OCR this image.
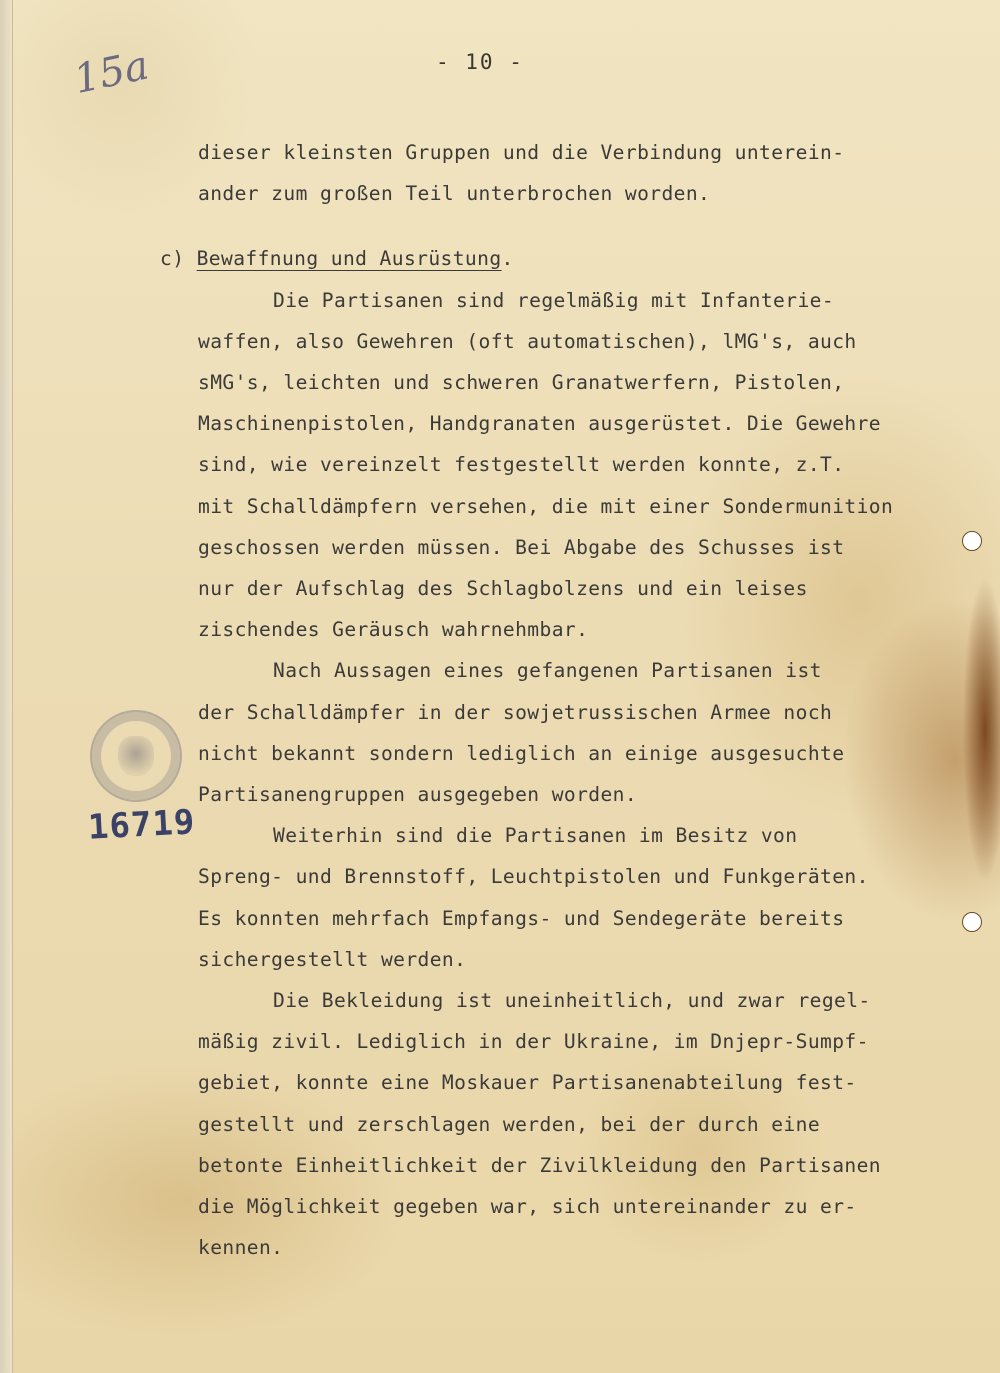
- 10 -

15a

16719
dieser kleinsten Gruppen und die Verbindung unterein-
ander zum großen Teil unterbrochen worden.
c) Bewaffnung und Ausrüstung.
Die Partisanen sind regelmäßig mit Infanterie-
waffen, also Gewehren (oft automatischen), lMG's, auch
sMG's, leichten und schweren Granatwerfern, Pistolen,
Maschinenpistolen, Handgranaten ausgerüstet. Die Gewehre
sind, wie vereinzelt festgestellt werden konnte, z.T.
mit Schalldämpfern versehen, die mit einer Sondermunition
geschossen werden müssen. Bei Abgabe des Schusses ist
nur der Aufschlag des Schlagbolzens und ein leises
zischendes Geräusch wahrnehmbar.
Nach Aussagen eines gefangenen Partisanen ist
der Schalldämpfer in der sowjetrussischen Armee noch
nicht bekannt sondern lediglich an einige ausgesuchte
Partisanengruppen ausgegeben worden.
Weiterhin sind die Partisanen im Besitz von
Spreng- und Brennstoff, Leuchtpistolen und Funkgeräten.
Es konnten mehrfach Empfangs- und Sendegeräte bereits
sichergestellt werden.
Die Bekleidung ist uneinheitlich, und zwar regel-
mäßig zivil. Lediglich in der Ukraine, im Dnjepr-Sumpf-
gebiet, konnte eine Moskauer Partisanenabteilung fest-
gestellt und zerschlagen werden, bei der durch eine
betonte Einheitlichkeit der Zivilkleidung den Partisanen
die Möglichkeit gegeben war, sich untereinander zu er-
kennen.
